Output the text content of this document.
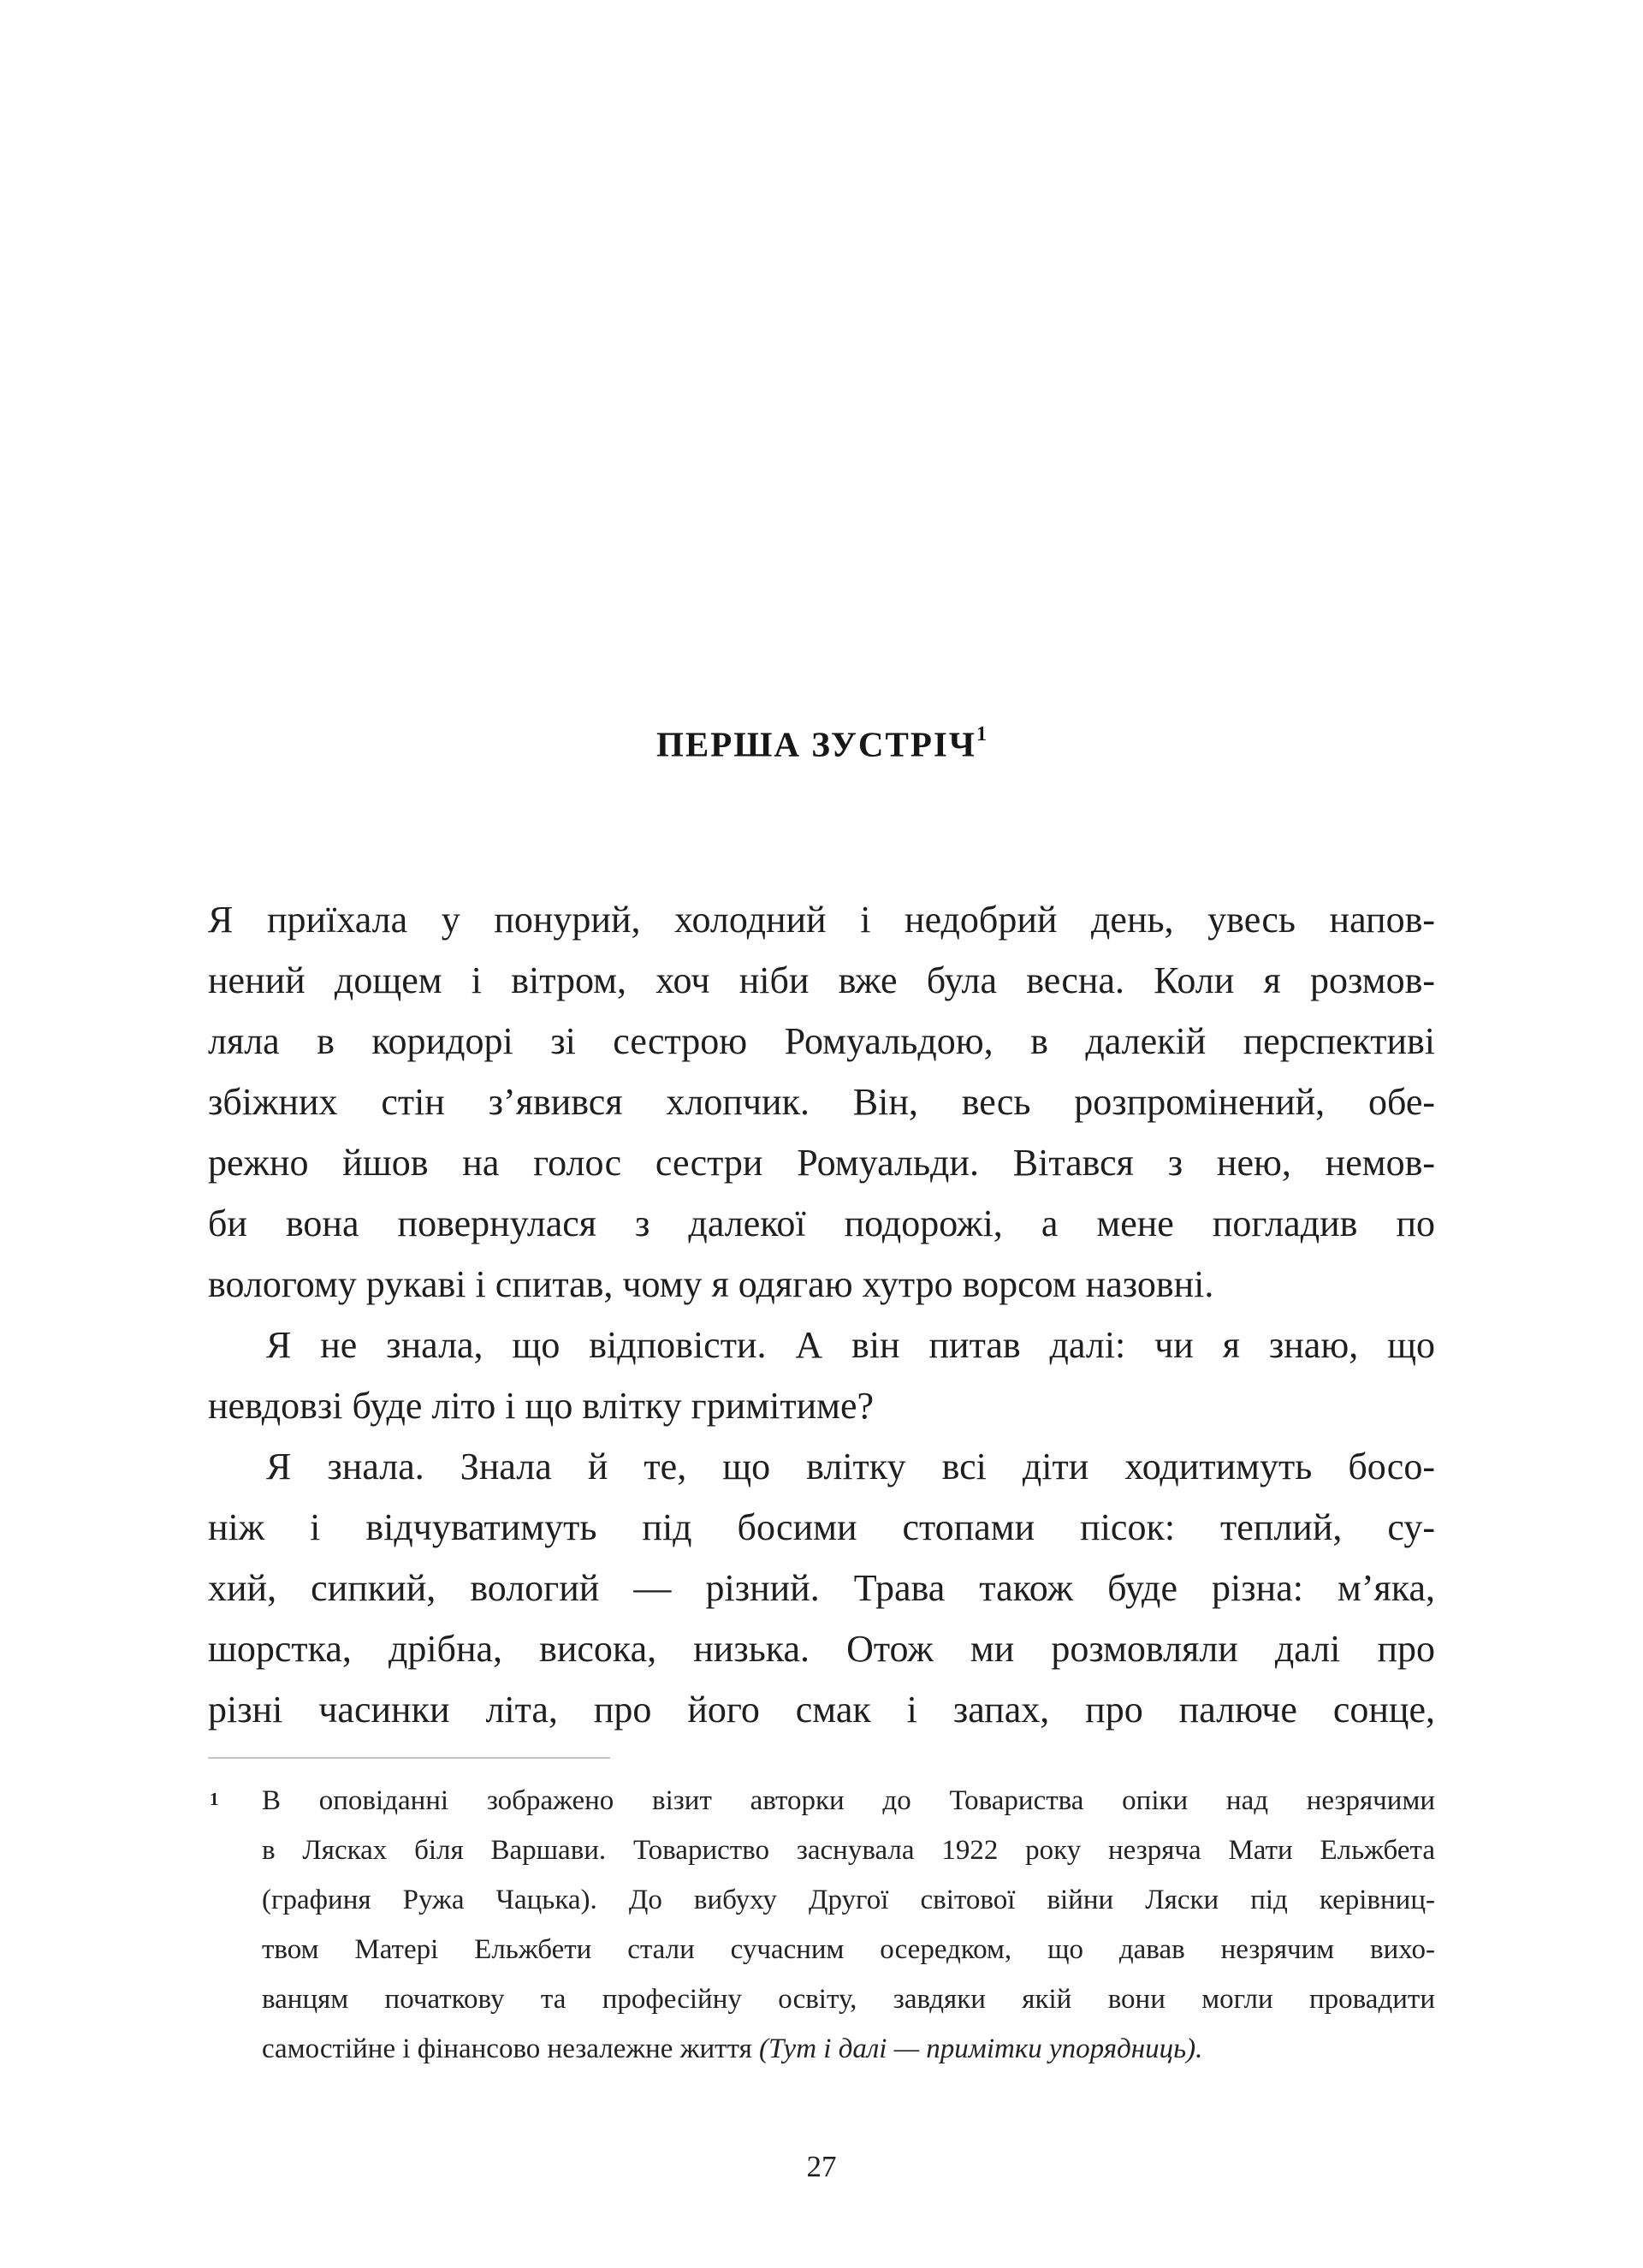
ПЕРША ЗУСТРІЧ$^1$
Я приїхала у понурий, холодний і недобрий день, увесь напов-
нений дощем і вітром, хоч ніби вже була весна. Коли я розмов-
ляла в коридорі зі сестрою Ромуальдою, в далекій перспективі
збіжних стін з’явився хлопчик. Він, весь розпромінений, обе-
режно йшов на голос сестри Ромуальди. Вітався з нею, немов-
би вона повернулася з далекої подорожі, а мене погладив по
вологому рукаві і спитав, чому я одягаю хутро ворсом назовні.
Я не знала, що відповісти. А він питав далі: чи я знаю, що
невдовзі буде літо і що влітку гримітиме?
Я знала. Знала й те, що влітку всі діти ходитимуть босо-
ніж і відчуватимуть під босими стопами пісок: теплий, су-
хий, сипкий, вологий — різний. Трава також буде різна: м’яка,
шорстка, дрібна, висока, низька. Отож ми розмовляли далі про
різні часинки літа, про його смак і запах, про палюче сонце,
1 В оповіданні зображено візит авторки до Товариства опіки над незрячими
в Лясках біля Варшави. Товариство заснувала 1922 року незряча Мати Ельжбета
(графиня Ружа Чацька). До вибуху Другої світової війни Ляски під керівниц-
твом Матері Ельжбети стали сучасним осередком, що давав незрячим вихо-
ванцям початкову та професійну освіту, завдяки якій вони могли провадити
самостійне і фінансово незалежне життя (Тут і далі — примітки упорядниць).
27
